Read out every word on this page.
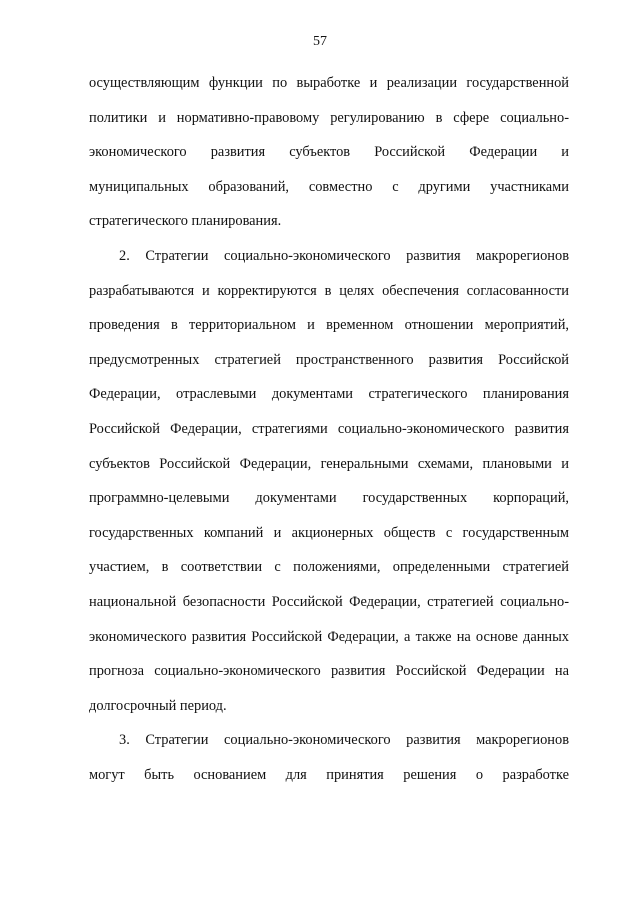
57
осуществляющим функции по выработке и реализации государственной
политики и нормативно-правовому регулированию в сфере социально-
экономического развития субъектов Российской Федерации и
муниципальных образований, совместно с другими участниками
стратегического планирования.
2. Стратегии социально-экономического развития макрорегионов
разрабатываются и корректируются в целях обеспечения согласованности
проведения в территориальном и временном отношении мероприятий,
предусмотренных стратегией пространственного развития Российской
Федерации, отраслевыми документами стратегического планирования
Российской Федерации, стратегиями социально-экономического развития
субъектов Российской Федерации, генеральными схемами, плановыми и
программно-целевыми документами государственных корпораций,
государственных компаний и акционерных обществ с государственным
участием, в соответствии с положениями, определенными стратегией
национальной безопасности Российской Федерации, стратегией социально-
экономического развития Российской Федерации, а также на основе данных
прогноза социально-экономического развития Российской Федерации на
долгосрочный период.
3. Стратегии социально-экономического развития макрорегионов
могут быть основанием для принятия решения о разработке
